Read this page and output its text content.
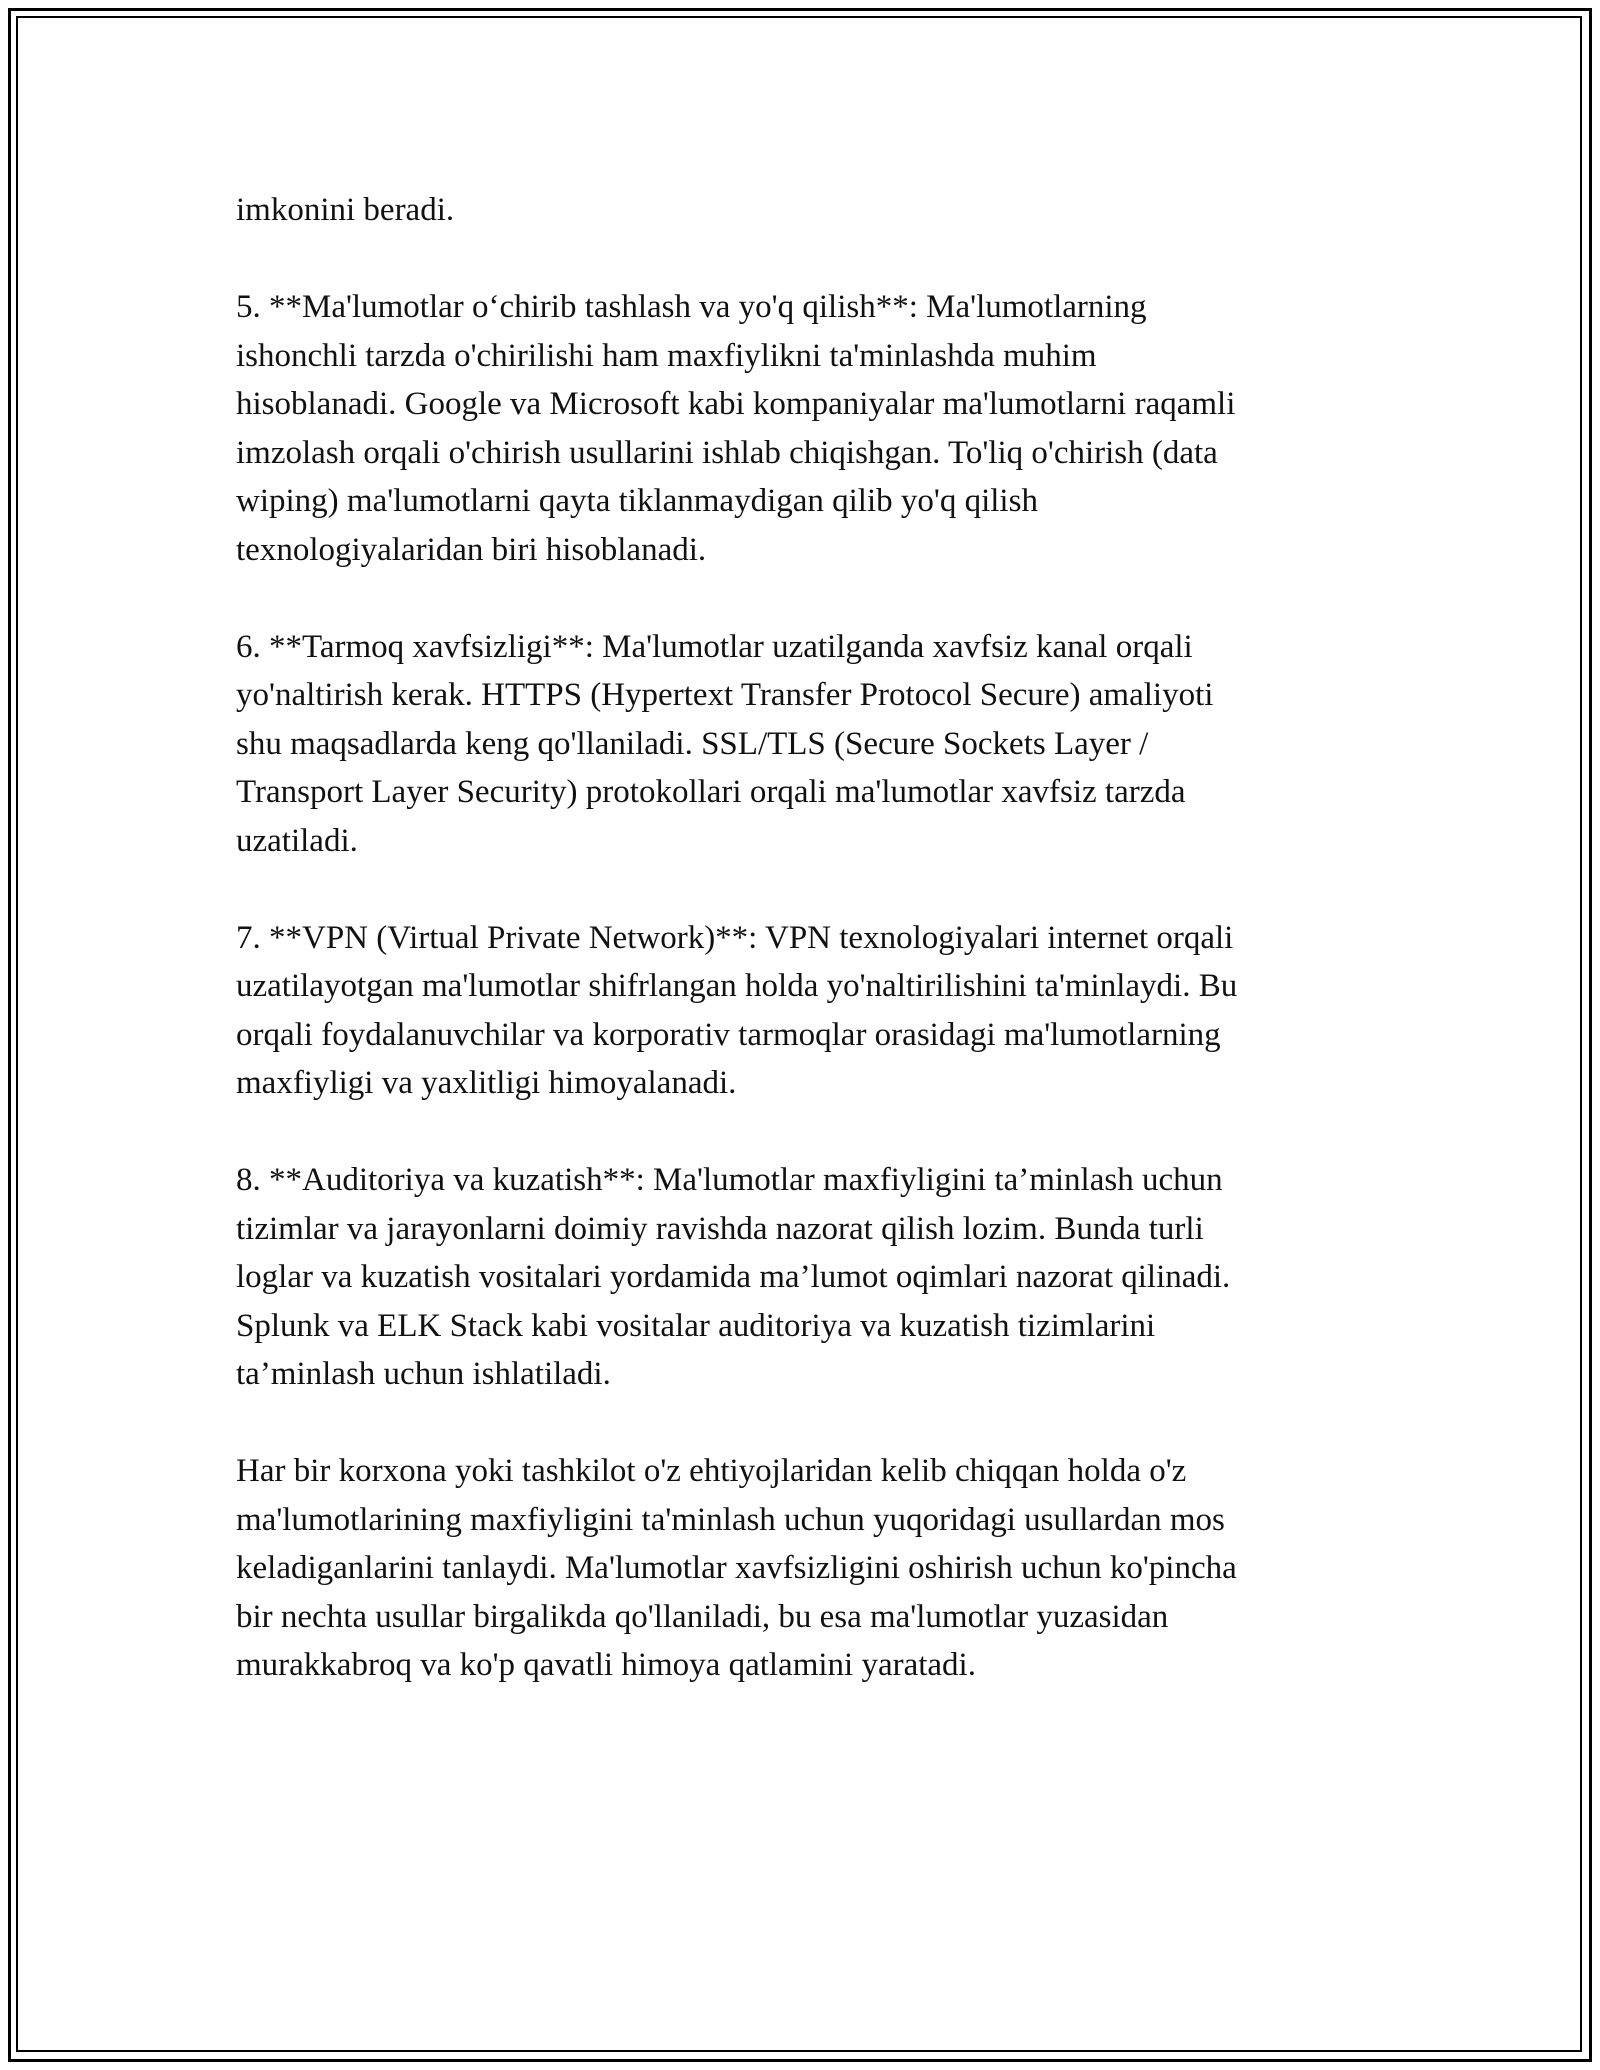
imkonini beradi.

5. **Ma'lumotlar o‘chirib tashlash va yo'q qilish**: Ma'lumotlarning
ishonchli tarzda o'chirilishi ham maxfiylikni ta'minlashda muhim
hisoblanadi. Google va Microsoft kabi kompaniyalar ma'lumotlarni raqamli
imzolash orqali o'chirish usullarini ishlab chiqishgan. To'liq o'chirish (data
wiping) ma'lumotlarni qayta tiklanmaydigan qilib yo'q qilish
texnologiyalaridan biri hisoblanadi.

6. **Tarmoq xavfsizligi**: Ma'lumotlar uzatilganda xavfsiz kanal orqali
yo'naltirish kerak. HTTPS (Hypertext Transfer Protocol Secure) amaliyoti
shu maqsadlarda keng qo'llaniladi. SSL/TLS (Secure Sockets Layer /
Transport Layer Security) protokollari orqali ma'lumotlar xavfsiz tarzda
uzatiladi.

7. **VPN (Virtual Private Network)**: VPN texnologiyalari internet orqali
uzatilayotgan ma'lumotlar shifrlangan holda yo'naltirilishini ta'minlaydi. Bu
orqali foydalanuvchilar va korporativ tarmoqlar orasidagi ma'lumotlarning
maxfiyligi va yaxlitligi himoyalanadi.

8. **Auditoriya va kuzatish**: Ma'lumotlar maxfiyligini ta’minlash uchun
tizimlar va jarayonlarni doimiy ravishda nazorat qilish lozim. Bunda turli
loglar va kuzatish vositalari yordamida ma’lumot oqimlari nazorat qilinadi.
Splunk va ELK Stack kabi vositalar auditoriya va kuzatish tizimlarini
ta’minlash uchun ishlatiladi.

Har bir korxona yoki tashkilot o'z ehtiyojlaridan kelib chiqqan holda o'z
ma'lumotlarining maxfiyligini ta'minlash uchun yuqoridagi usullardan mos
keladiganlarini tanlaydi. Ma'lumotlar xavfsizligini oshirish uchun ko'pincha
bir nechta usullar birgalikda qo'llaniladi, bu esa ma'lumotlar yuzasidan
murakkabroq va ko'p qavatli himoya qatlamini yaratadi.
